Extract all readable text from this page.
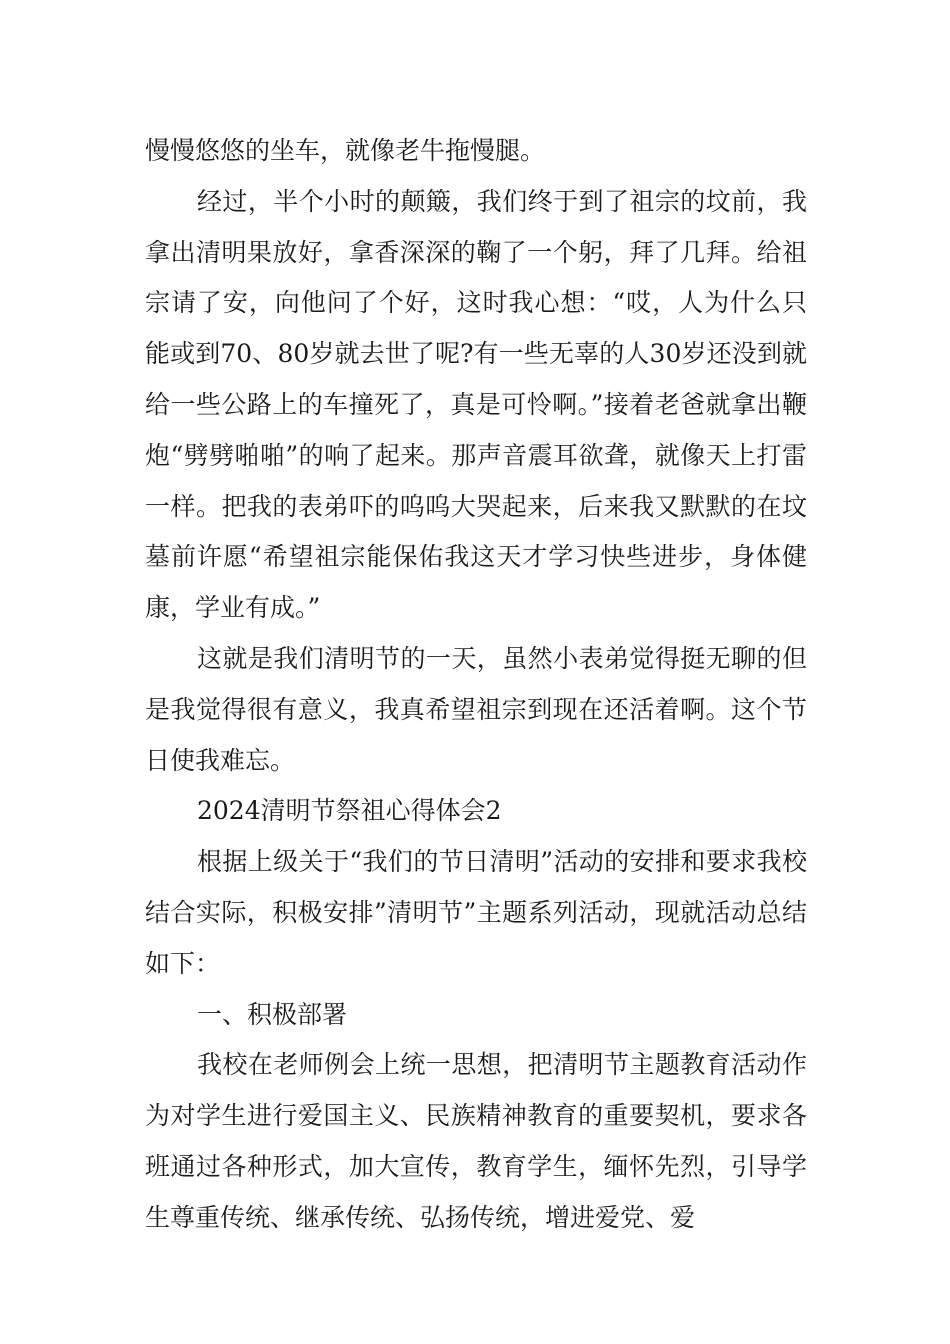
慢慢悠悠的坐车，就像老牛拖慢腿。

经过，半个小时的颠簸，我们终于到了祖宗的坟前，我拿出清明果放好，拿香深深的鞠了一个躬，拜了几拜。给祖宗请了安，向他问了个好，这时我心想：“哎，人为什么只能或到70、80岁就去世了呢?有一些无辜的人30岁还没到就给一些公路上的车撞死了，真是可怜啊。”接着老爸就拿出鞭炮“劈劈啪啪”的响了起来。那声音震耳欲聋，就像天上打雷一样。把我的表弟吓的呜呜大哭起来，后来我又默默的在坟墓前许愿“希望祖宗能保佑我这天才学习快些进步，身体健康，学业有成。”

这就是我们清明节的一天，虽然小表弟觉得挺无聊的但是我觉得很有意义，我真希望祖宗到现在还活着啊。这个节日使我难忘。

2024清明节祭祖心得体会2

根据上级关于“我们的节日清明”活动的安排和要求我校结合实际，积极安排”清明节”主题系列活动，现就活动总结如下：

一、积极部署

我校在老师例会上统一思想，把清明节主题教育活动作为对学生进行爱国主义、民族精神教育的重要契机，要求各班通过各种形式，加大宣传，教育学生，缅怀先烈，引导学生尊重传统、继承传统、弘扬传统，增进爱党、爱
